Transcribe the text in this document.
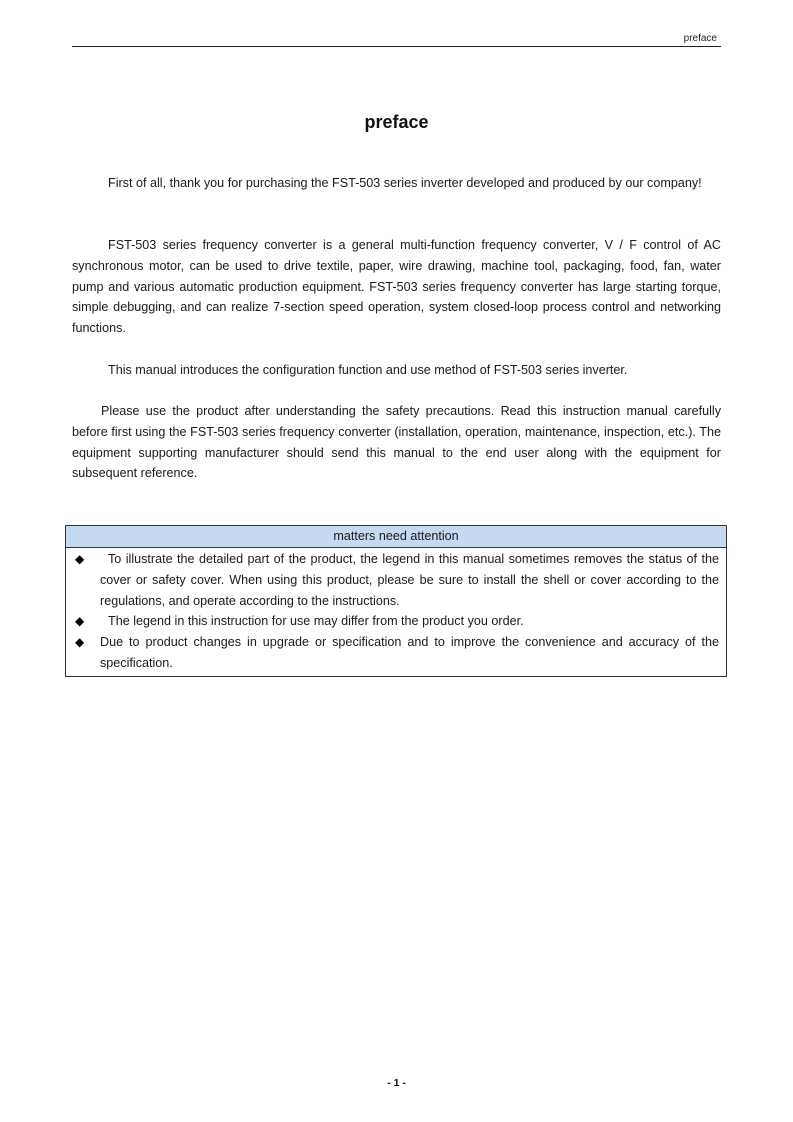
preface
preface
First of all, thank you for purchasing the FST-503 series inverter developed and produced by our company!
FST-503 series frequency converter is a general multi-function frequency converter, V / F control of AC synchronous motor, can be used to drive textile, paper, wire drawing, machine tool, packaging, food, fan, water pump and various automatic production equipment. FST-503 series frequency converter has large starting torque, simple debugging, and can realize 7-section speed operation, system closed-loop process control and networking functions.
This manual introduces the configuration function and use method of FST-503 series inverter.
Please use the product after understanding the safety precautions. Read this instruction manual carefully before first using the FST-503 series frequency converter (installation, operation, maintenance, inspection, etc.). The equipment supporting manufacturer should send this manual to the end user along with the equipment for subsequent reference.
matters need attention
◆	To illustrate the detailed part of the product, the legend in this manual sometimes removes the status of the cover or safety cover. When using this product, please be sure to install the shell or cover according to the regulations, and operate according to the instructions.
◆	The legend in this instruction for use may differ from the product you order.
◆ Due to product changes in upgrade or specification and to improve the convenience and accuracy of the specification.
- 1 -
